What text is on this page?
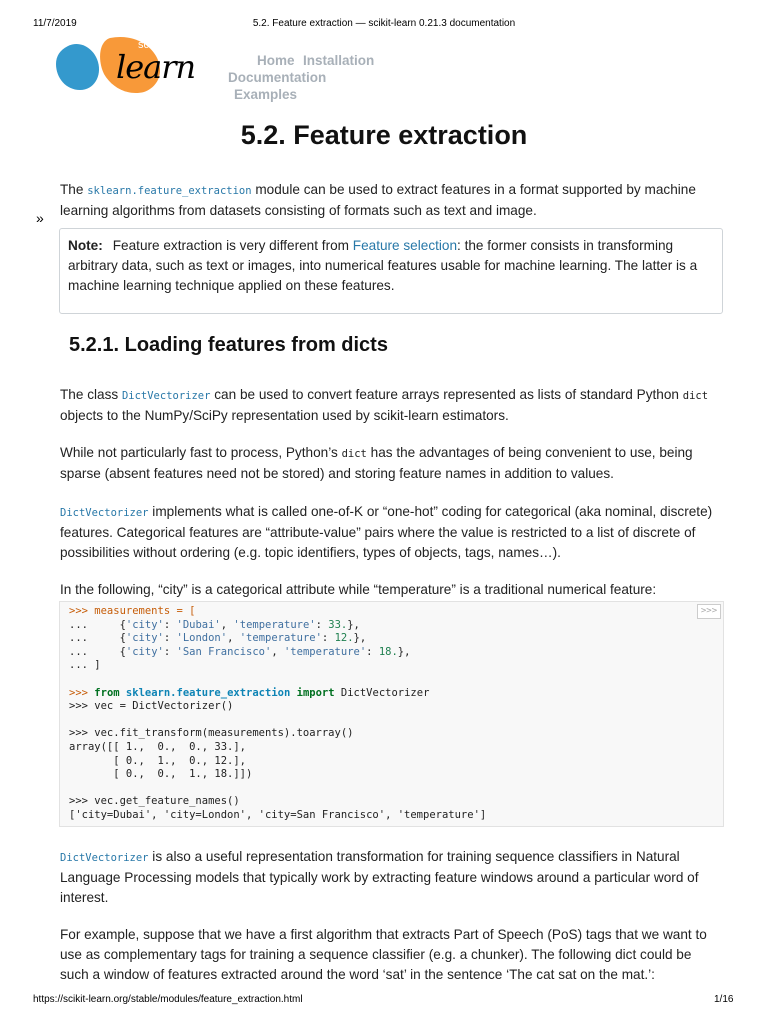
11/7/2019	5.2. Feature extraction — scikit-learn 0.21.3 documentation
scikit
learn	Home Installation
Documentation
Examples
5.2. Feature extraction
»

The sklearn.feature_extraction module can be used to extract features in a format supported by machine learning algorithms from datasets consisting of formats such as text and image.

Note: Feature extraction is very different from Feature selection: the former consists in transforming arbitrary data, such as text or images, into numerical features usable for machine learning. The latter is a machine learning technique applied on these features.
5.2.1. Loading features from dicts

The class DictVectorizer can be used to convert feature arrays represented as lists of standard Python dict objects to the NumPy/SciPy representation used by scikit-learn estimators.

While not particularly fast to process, Python’s dict has the advantages of being convenient to use, being sparse (absent features need not be stored) and storing feature names in addition to values.

DictVectorizer implements what is called one-of-K or “one-hot” coding for categorical (aka nominal, discrete) features. Categorical features are “attribute-value” pairs where the value is restricted to a list of discrete of possibilities without ordering (e.g. topic identifiers, types of objects, tags, names…).

In the following, “city” is a categorical attribute while “temperature” is a traditional numerical feature:

>>>
>>> measurements = [
...     {'city': 'Dubai', 'temperature': 33.},
...     {'city': 'London', 'temperature': 12.},
...     {'city': 'San Francisco', 'temperature': 18.},
... ]

>>> from sklearn.feature_extraction import DictVectorizer
>>> vec = DictVectorizer()

>>> vec.fit_transform(measurements).toarray()
array([[ 1.,  0.,  0., 33.],
[ 0.,  1.,  0., 12.],
[ 0.,  0.,  1., 18.]])

>>> vec.get_feature_names()
['city=Dubai', 'city=London', 'city=San Francisco', 'temperature']

DictVectorizer is also a useful representation transformation for training sequence classifiers in Natural Language Processing models that typically work by extracting feature windows around a particular word of interest.

For example, suppose that we have a first algorithm that extracts Part of Speech (PoS) tags that we want to use as complementary tags for training a sequence classifier (e.g. a chunker). The following dict could be such a window of features extracted around the word ‘sat’ in the sentence ‘The cat sat on the mat.’:

https://scikit-learn.org/stable/modules/feature_extraction.html	1/16
